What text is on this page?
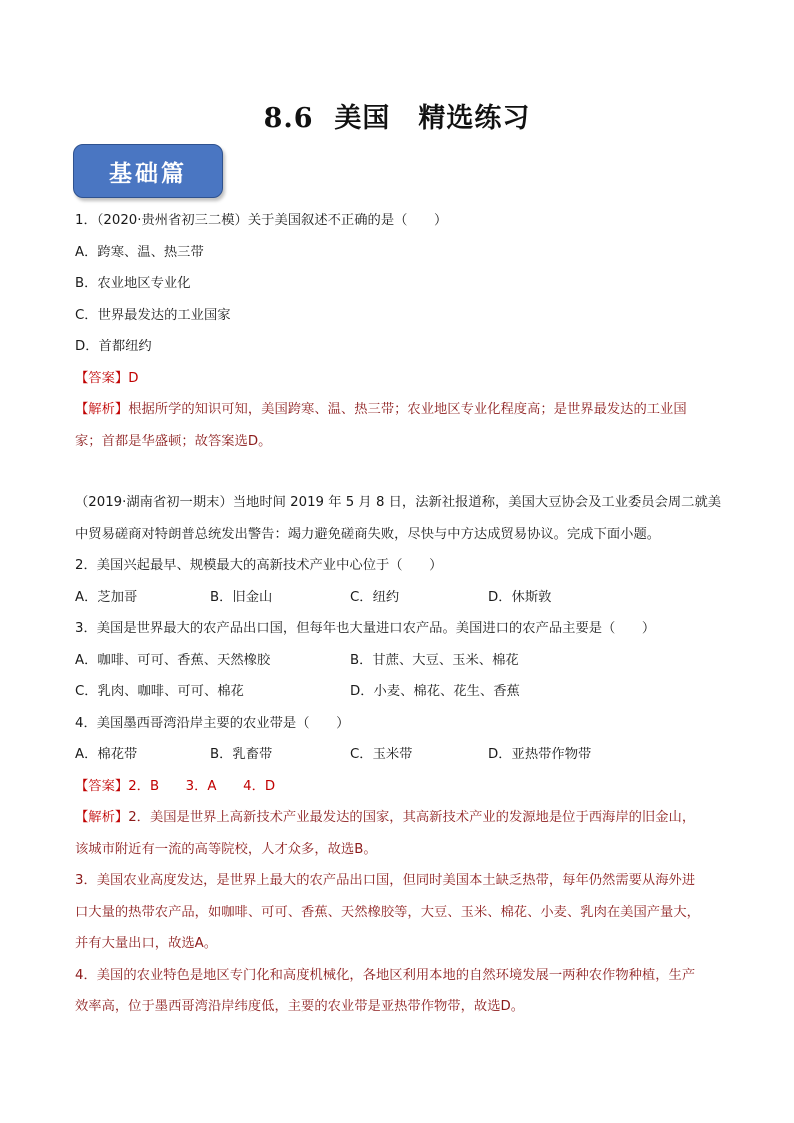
8.6  美国　精选练习
基础篇
1．（2020·贵州省初三二模）关于美国叙述不正确的是（　　）
A．跨寒、温、热三带
B．农业地区专业化
C．世界最发达的工业国家
D．首都纽约
【答案】D
【解析】根据所学的知识可知，美国跨寒、温、热三带；农业地区专业化程度高；是世界最发达的工业国
家；首都是华盛顿；故答案选D。
（2019·湖南省初一期末）当地时间 2019 年 5 月 8 日，法新社报道称，美国大豆协会及工业委员会周二就美
中贸易磋商对特朗普总统发出警告：竭力避免磋商失败，尽快与中方达成贸易协议。完成下面小题。
2．美国兴起最早、规模最大的高新技术产业中心位于（　　）
A．芝加哥	B．旧金山	C．纽约	D．休斯敦
3．美国是世界最大的农产品出口国，但每年也大量进口农产品。美国进口的农产品主要是（　　）
A．咖啡、可可、香蕉、天然橡胶	B．甘蔗、大豆、玉米、棉花
C．乳肉、咖啡、可可、棉花	D．小麦、棉花、花生、香蕉
4．美国墨西哥湾沿岸主要的农业带是（　　）
A．棉花带	B．乳畜带	C．玉米带	D．亚热带作物带
【答案】2．B　　3．A　　4．D
【解析】2．美国是世界上高新技术产业最发达的国家，其高新技术产业的发源地是位于西海岸的旧金山，
该城市附近有一流的高等院校，人才众多，故选B。
3．美国农业高度发达，是世界上最大的农产品出口国，但同时美国本土缺乏热带，每年仍然需要从海外进
口大量的热带农产品，如咖啡、可可、香蕉、天然橡胶等，大豆、玉米、棉花、小麦、乳肉在美国产量大，
并有大量出口，故选A。
4．美国的农业特色是地区专门化和高度机械化，各地区利用本地的自然环境发展一两种农作物种植，生产
效率高，位于墨西哥湾沿岸纬度低，主要的农业带是亚热带作物带，故选D。
